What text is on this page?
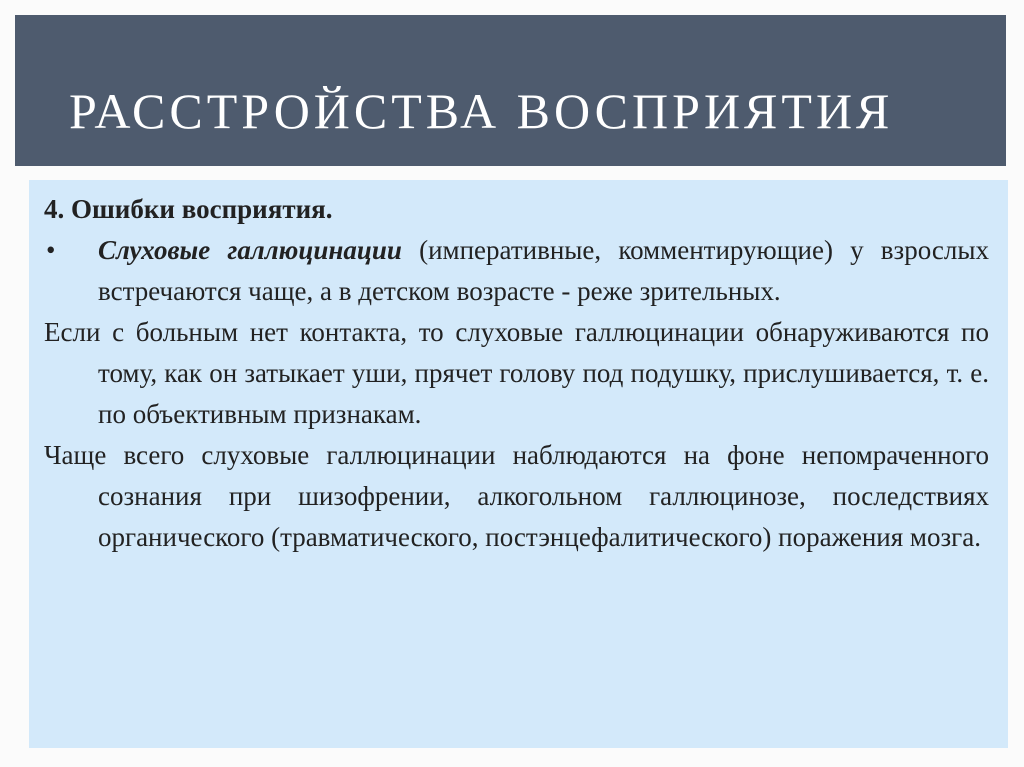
РАССТРОЙСТВА ВОСПРИЯТИЯ

4. Ошибки восприятия.

• Слуховые галлюцинации (императивные, комментирующие) у взрослых встречаются чаще, а в детском возрасте - реже зрительных.

Если с больным нет контакта, то слуховые галлюцинации обнаруживаются по тому, как он затыкает уши, прячет голову под подушку, прислушивается, т. е. по объективным признакам.

Чаще всего слуховые галлюцинации наблюдаются на фоне непомраченного сознания при шизофрении, алкогольном галлюцинозе, последствиях органического (травматического, постэнцефалитического) поражения мозга.
